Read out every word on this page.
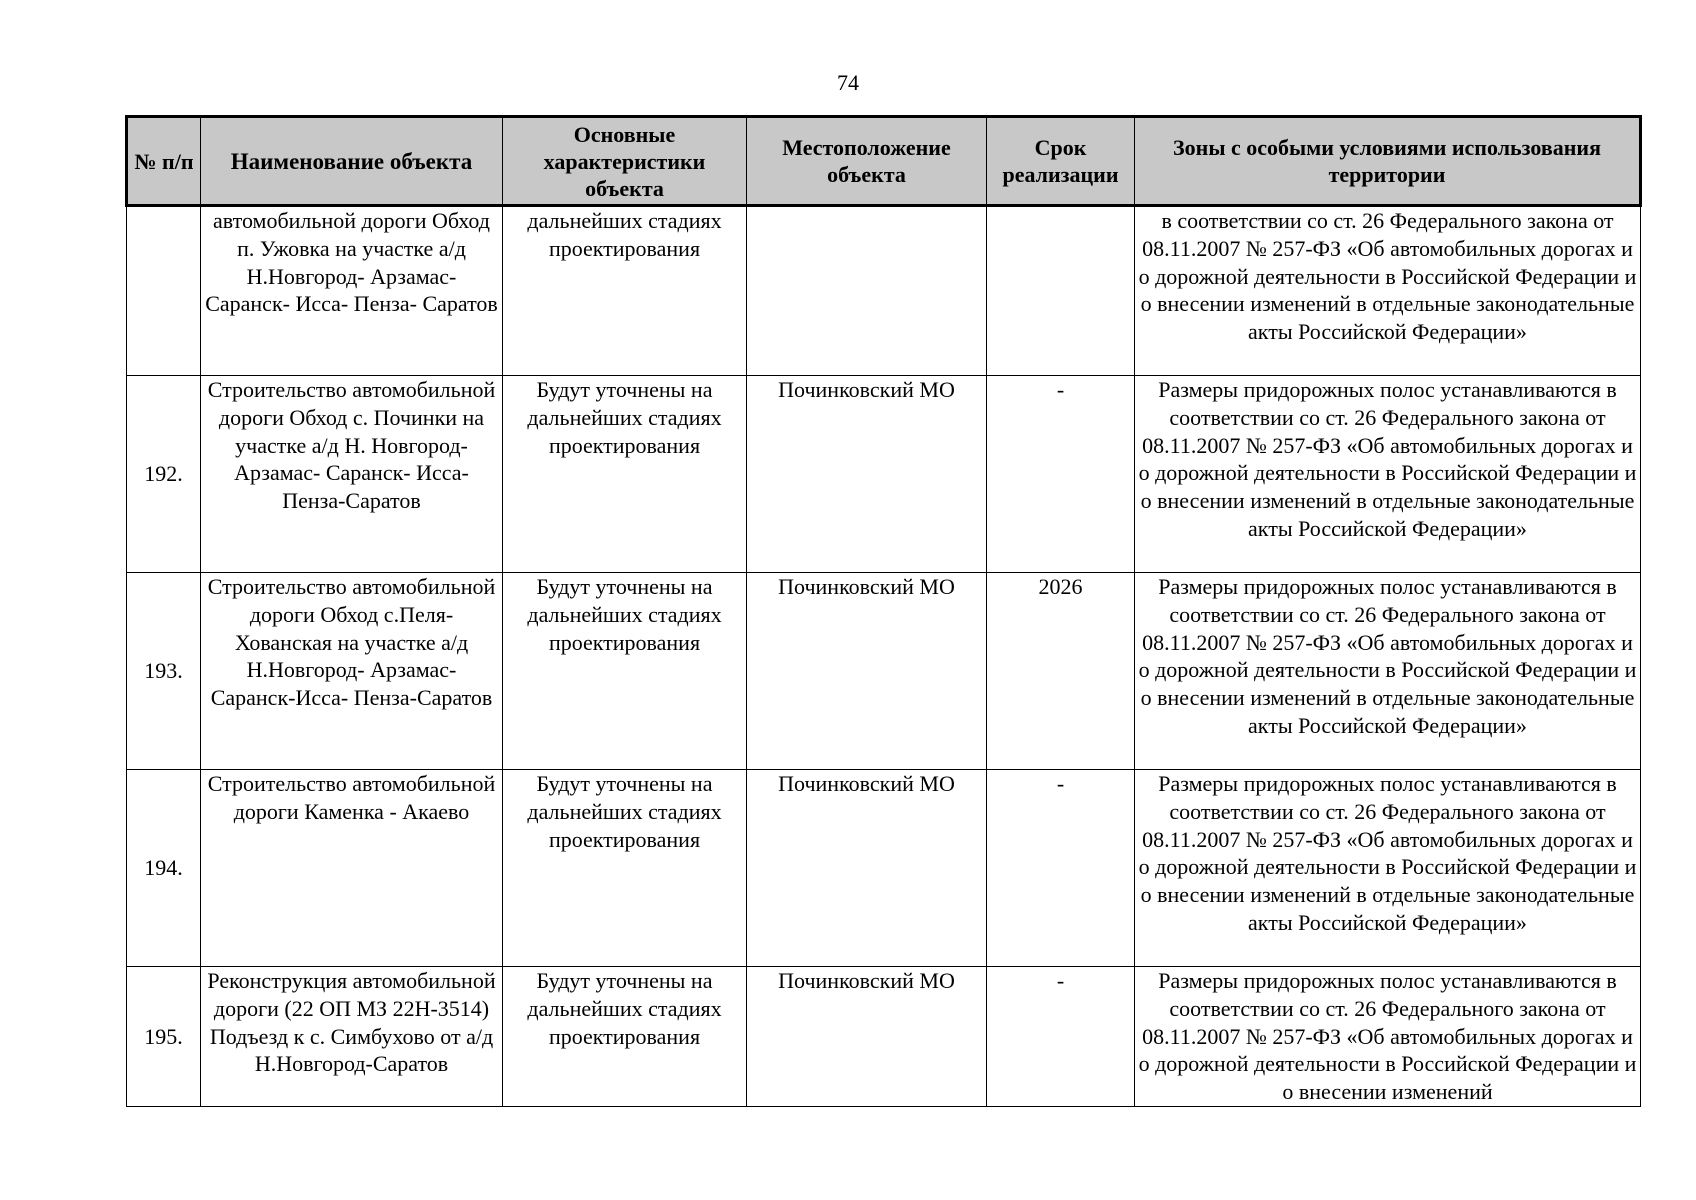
74
№ п/п	Наименование объекта	Основные характеристики объекта	Местоположение объекта	Срок реализации	Зоны с особыми условиями использования территории
	автомобильной дороги Обход п. Ужовка на участке а/д Н.Новгород- Арзамас- Саранск- Исса- Пенза- Саратов	дальнейших стадиях проектирования			в соответствии со ст. 26 Федерального закона от 08.11.2007 № 257-ФЗ «Об автомобильных дорогах и о дорожной деятельности в Российской Федерации и о внесении изменений в отдельные законодательные акты Российской Федерации»
192.	Строительство автомобильной дороги Обход с. Починки на участке а/д Н. Новгород- Арзамас- Саранск- Исса- Пенза-Саратов	Будут уточнены на дальнейших стадиях проектирования	Починковский МО	-	Размеры придорожных полос устанавливаются в соответствии со ст. 26 Федерального закона от 08.11.2007 № 257-ФЗ «Об автомобильных дорогах и о дорожной деятельности в Российской Федерации и о внесении изменений в отдельные законодательные акты Российской Федерации»
193.	Строительство автомобильной дороги Обход с.Пеля-Хованская на участке а/д Н.Новгород- Арзамас- Саранск-Исса- Пенза-Саратов	Будут уточнены на дальнейших стадиях проектирования	Починковский МО	2026	Размеры придорожных полос устанавливаются в соответствии со ст. 26 Федерального закона от 08.11.2007 № 257-ФЗ «Об автомобильных дорогах и о дорожной деятельности в Российской Федерации и о внесении изменений в отдельные законодательные акты Российской Федерации»
194.	Строительство автомобильной дороги Каменка - Акаево	Будут уточнены на дальнейших стадиях проектирования	Починковский МО	-	Размеры придорожных полос устанавливаются в соответствии со ст. 26 Федерального закона от 08.11.2007 № 257-ФЗ «Об автомобильных дорогах и о дорожной деятельности в Российской Федерации и о внесении изменений в отдельные законодательные акты Российской Федерации»
195.	Реконструкция автомобильной дороги (22 ОП МЗ 22Н-3514) Подъезд к с. Симбухово от а/д Н.Новгород-Саратов	Будут уточнены на дальнейших стадиях проектирования	Починковский МО	-	Размеры придорожных полос устанавливаются в соответствии со ст. 26 Федерального закона от 08.11.2007 № 257-ФЗ «Об автомобильных дорогах и о дорожной деятельности в Российской Федерации и о внесении изменений
